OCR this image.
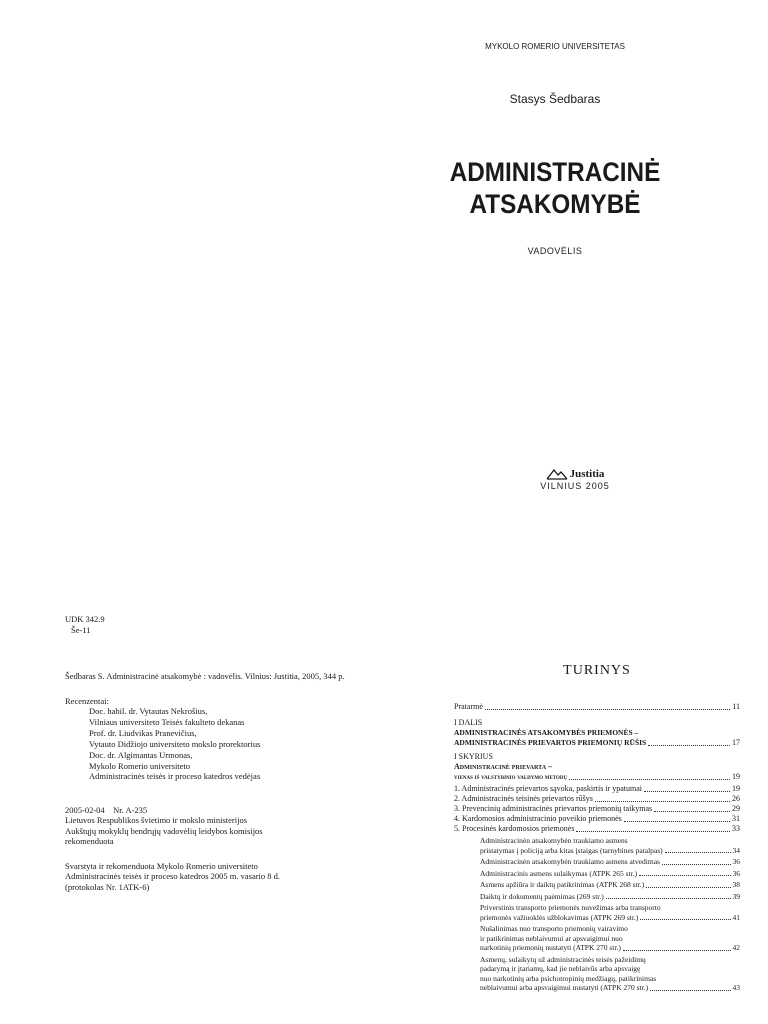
MYKOLO ROMERIO UNIVERSITETAS
Stasys Šedbaras
ADMINISTRACINĖ
ATSAKOMYBĖ
VADOVĖLIS
Justitia
VILNIUS 2005
UDK 342.9
Še-11
Šedbaras S. Administracinė atsakomybė : vadovėlis. Vilnius: Justitia, 2005, 344 p.
Recenzentai:
Doc. habil. dr. Vytautas Nekrošius,
Vilniaus universiteto Teisės fakulteto dekanas
Prof. dr. Liudvikas Pranevičius,
Vytauto Didžiojo universiteto mokslo prorektorius
Doc. dr. Algimantas Urmonas,
Mykolo Romerio universiteto
Administracinės teisės ir proceso katedros vedėjas
2005-02-04    Nr. A-235
Lietuvos Respublikos švietimo ir mokslo ministerijos
Aukštųjų mokyklų bendrųjų vadovėlių leidybos komisijos
rekomenduota
Svarstyta ir rekomenduota Mykolo Romerio universiteto
Administracinės teisės ir proceso katedros 2005 m. vasario 8 d.
(protokolas Nr. 1ATK-6)
TURINYS
Pratarmė	11
I DALIS
ADMINISTRACINĖS ATSAKOMYBĖS PRIEMONĖS –
ADMINISTRACINĖS PRIEVARTOS PRIEMONIŲ RŪŠIS	17
I SKYRIUS
Administracinė prievarta –
vienas iš valstybinio valdymo metodų	19
1. Administracinės prievartos sąvoka, paskirtis ir ypatumai	19
2. Administracinės teisinės prievartos rūšys	26
3. Prevencinių administracinės prievartos priemonių taikymas	29
4. Kardomosios administracinio poveikio priemonės	31
5. Procesinės kardomosios priemonės	33
Administracinėn atsakomybėn traukiamo asmens
pristatymas į policiją arba kitas įstaigas (tarnybines patalpas)	34
Administracinėn atsakomybėn traukiamo asmens atvedimas	36
Administracinis asmens sulaikymas (ATPK 265 str.)	36
Asmens apžiūra ir daiktų patikrinimas (ATPK 268 str.)	38
Daiktų ir dokumentų paėmimas (269 str.)	39
Priverstinis transporto priemonės nuvežimas arba transporto
priemonės važiuoklės užblokavimas (ATPK 269 str.)	41
Nušalinimas nuo transporto priemonių vairavimo
ir patikrinimas neblaivumui ar apsvaigimui nuo
narkotinių priemonių nustatyti (ATPK 270 str.)	42
Asmenų, sulaikytų už administracinės teisės pažeidimų
padarymą ir įtariamų, kad jie neblaivūs arba apsvaigę
nuo narkotinių arba psichotropinių medžiagų, patikrinimas
neblaivumui arba apsvaigimui nustatyti (ATPK 270 str.)	43
